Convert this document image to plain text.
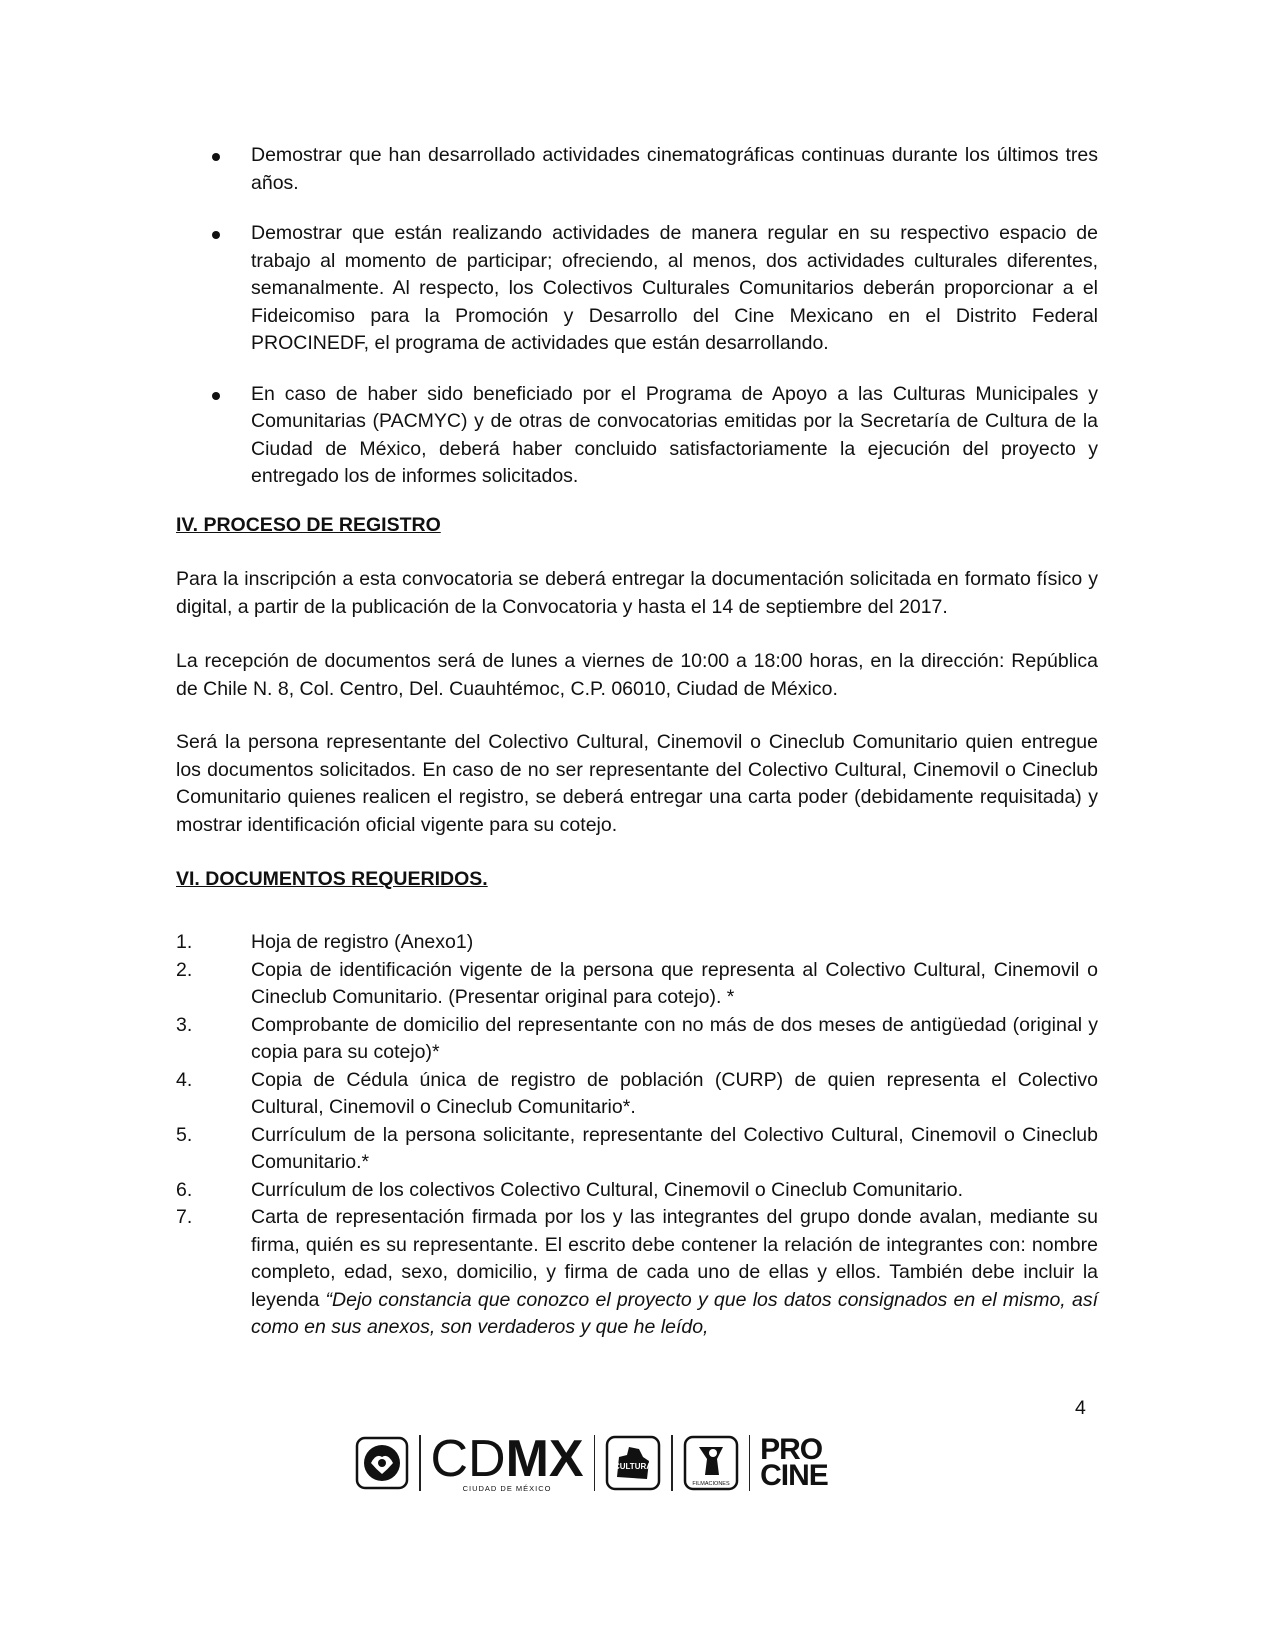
Demostrar que han desarrollado actividades cinematográficas continuas durante los últimos tres años.
Demostrar que están realizando actividades de manera regular en su respectivo espacio de trabajo al momento de participar; ofreciendo, al menos, dos actividades culturales diferentes, semanalmente. Al respecto, los Colectivos Culturales Comunitarios deberán proporcionar a el Fideicomiso para la Promoción y Desarrollo del Cine Mexicano en el Distrito Federal PROCINEDF, el programa de actividades que están desarrollando.
En caso de haber sido beneficiado por el Programa de Apoyo a las Culturas Municipales y Comunitarias (PACMYC) y de otras de convocatorias emitidas por la Secretaría de Cultura de la Ciudad de México, deberá haber concluido satisfactoriamente la ejecución del proyecto y entregado los de informes solicitados.
IV. PROCESO DE REGISTRO

Para la inscripción a esta convocatoria se deberá entregar la documentación solicitada en formato físico y digital, a partir de la publicación de la Convocatoria y hasta el 14 de septiembre del 2017.

La recepción de documentos será de lunes a viernes de 10:00 a 18:00 horas, en la dirección: República de Chile N. 8, Col. Centro, Del. Cuauhtémoc, C.P. 06010, Ciudad de México.

Será la persona representante del Colectivo Cultural, Cinemovil o Cineclub Comunitario quien entregue los documentos solicitados. En caso de no ser representante del Colectivo Cultural, Cinemovil o Cineclub Comunitario quienes realicen el registro, se deberá entregar una carta poder (debidamente requisitada) y mostrar identificación oficial vigente para su cotejo.

VI. DOCUMENTOS REQUERIDOS.
1.	Hoja de registro (Anexo1)
2.	Copia de identificación vigente de la persona que representa al Colectivo Cultural, Cinemovil o Cineclub Comunitario. (Presentar original para cotejo). *
3.	Comprobante de domicilio del representante con no más de dos meses de antigüedad (original y copia para su cotejo)*
4.	Copia de Cédula única de registro de población (CURP) de quien representa el Colectivo Cultural, Cinemovil o Cineclub Comunitario*.
5.	Currículum de la persona solicitante, representante del Colectivo Cultural, Cinemovil o Cineclub Comunitario.*
6.	Currículum de los colectivos Colectivo Cultural, Cinemovil o Cineclub Comunitario.
7.	Carta de representación firmada por los y las integrantes del grupo donde avalan, mediante su firma, quién es su representante. El escrito debe contener la relación de integrantes con: nombre completo, edad, sexo, domicilio, y firma de cada uno de ellas y ellos. También debe incluir la leyenda “Dejo constancia que conozco el proyecto y que los datos consignados en el mismo, así como en sus anexos, son verdaderos y que he leído,
4
CDMX
CIUDAD DE MÉXICO
CULTURA
FILMACIONES
PRO
CINE
